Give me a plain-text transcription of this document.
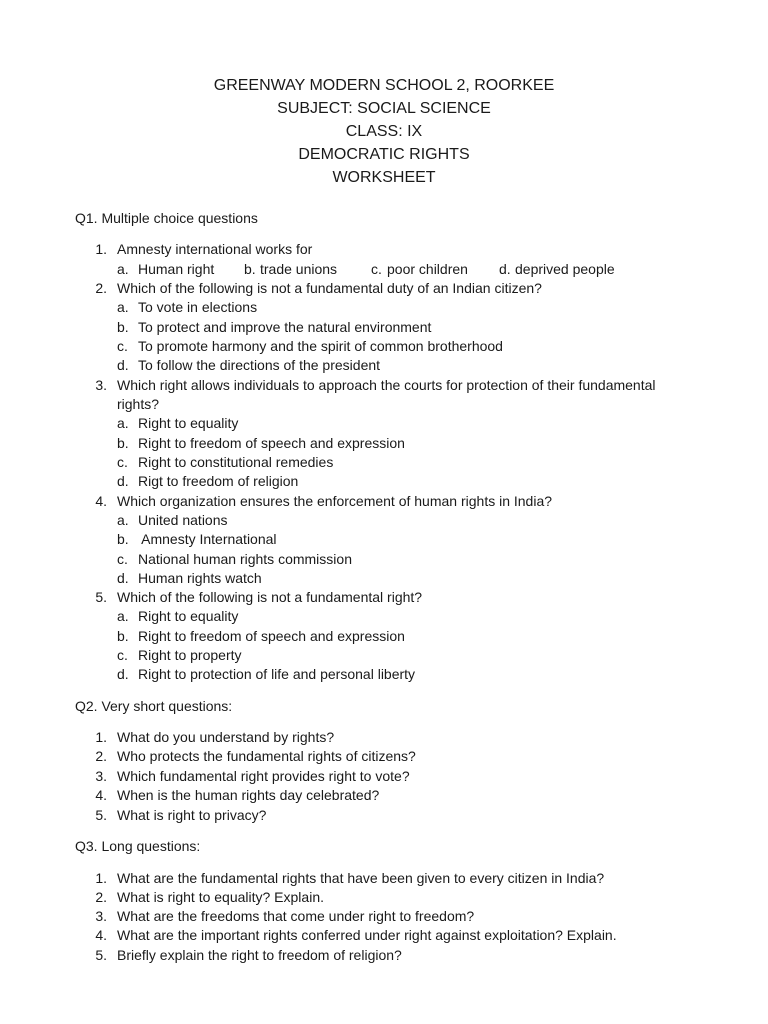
GREENWAY MODERN SCHOOL 2, ROORKEE
SUBJECT: SOCIAL SCIENCE
CLASS: IX
DEMOCRATIC RIGHTS
WORKSHEET
Q1. Multiple choice questions
1. Amnesty international works for
a. Human right b. trade unions c. poor children d. deprived people
2. Which of the following is not a fundamental duty of an Indian citizen?
a. To vote in elections
b. To protect and improve the natural environment
c. To promote harmony and the spirit of common brotherhood
d. To follow the directions of the president
3. Which right allows individuals to approach the courts for protection of their fundamental
rights?
a. Right to equality
b. Right to freedom of speech and expression
c. Right to constitutional remedies
d. Rigt to freedom of religion
4. Which organization ensures the enforcement of human rights in India?
a. United nations
b. Amnesty International
c. National human rights commission
d. Human rights watch
5. Which of the following is not a fundamental right?
a. Right to equality
b. Right to freedom of speech and expression
c. Right to property
d. Right to protection of life and personal liberty
Q2. Very short questions:
1. What do you understand by rights?
2. Who protects the fundamental rights of citizens?
3. Which fundamental right provides right to vote?
4. When is the human rights day celebrated?
5. What is right to privacy?
Q3. Long questions:
1. What are the fundamental rights that have been given to every citizen in India?
2. What is right to equality? Explain.
3. What are the freedoms that come under right to freedom?
4. What are the important rights conferred under right against exploitation? Explain.
5. Briefly explain the right to freedom of religion?
